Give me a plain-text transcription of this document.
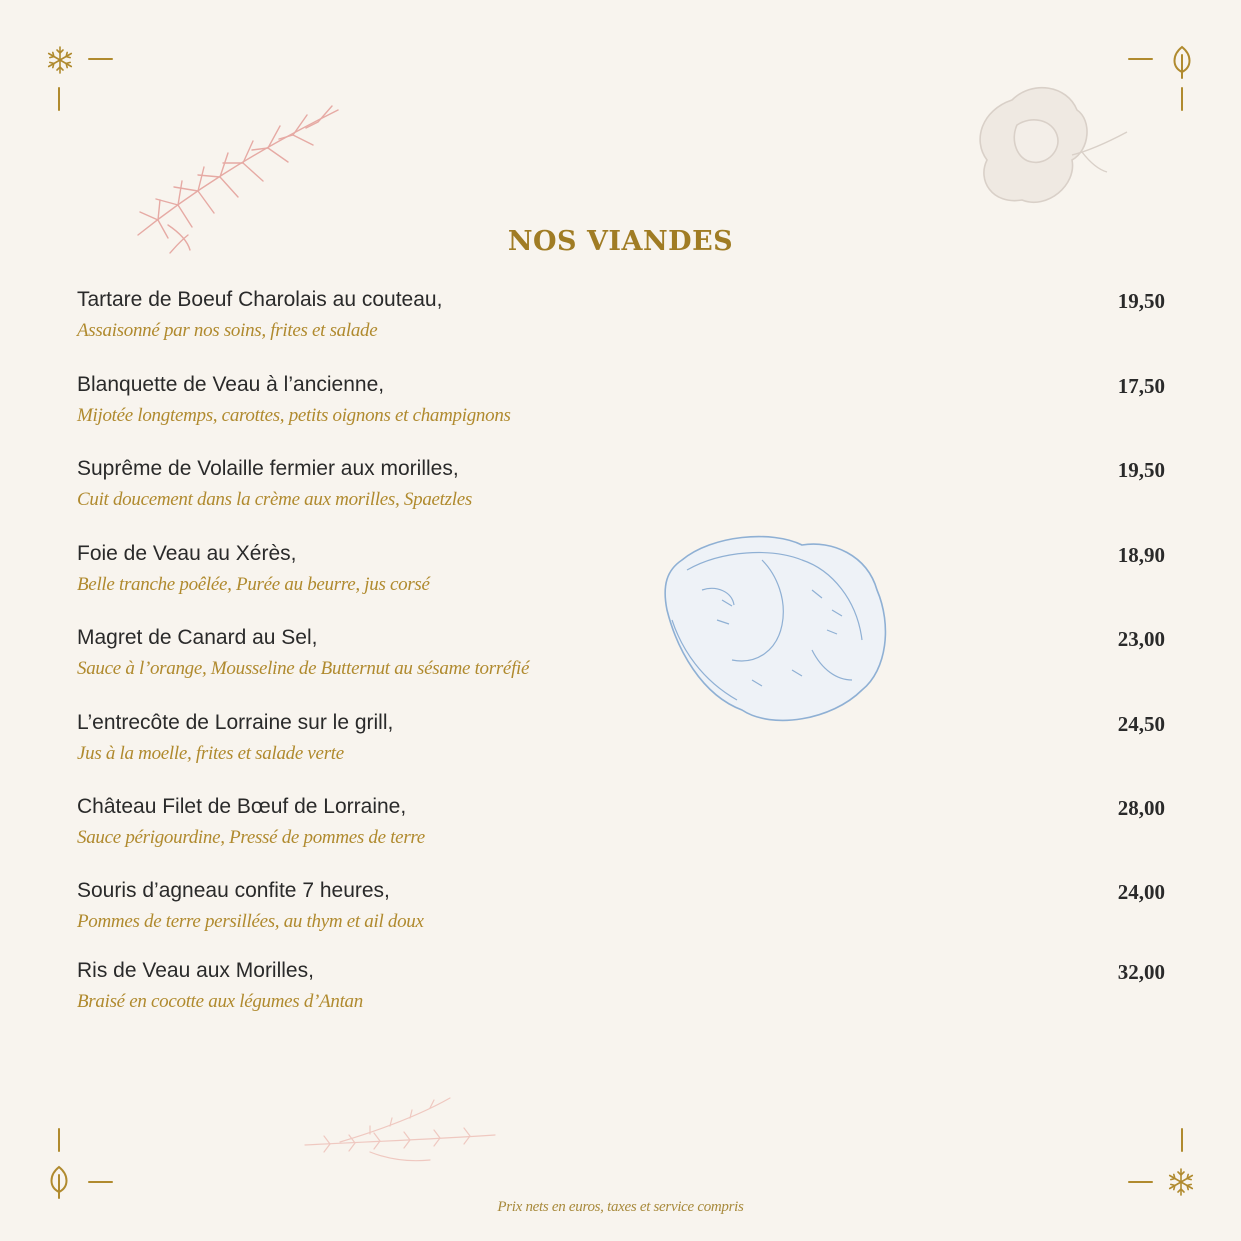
NOS VIANDES
Tartare de Boeuf Charolais au couteau,
Assaisonné par nos soins, frites et salade
19,50
Blanquette de Veau à l’ancienne,
Mijotée longtemps, carottes, petits oignons et champignons
17,50
Suprême de Volaille fermier aux morilles,
Cuit doucement dans la crème aux morilles, Spaetzles
19,50
Foie de Veau au Xérès,
Belle tranche poêlée, Purée au beurre, jus corsé
18,90
Magret de Canard au Sel,
Sauce à l’orange, Mousseline de Butternut au sésame torréfié
23,00
L’entrecôte de Lorraine sur le grill,
Jus à la moelle, frites et salade verte
24,50
Château Filet de Bœuf de Lorraine,
Sauce périgourdine, Pressé de pommes de terre
28,00
Souris d’agneau confite 7 heures,
Pommes de terre persillées, au thym et ail doux
24,00
Ris de Veau aux Morilles,
Braisé en cocotte aux légumes d’Antan
32,00
Prix nets en euros, taxes et service compris
